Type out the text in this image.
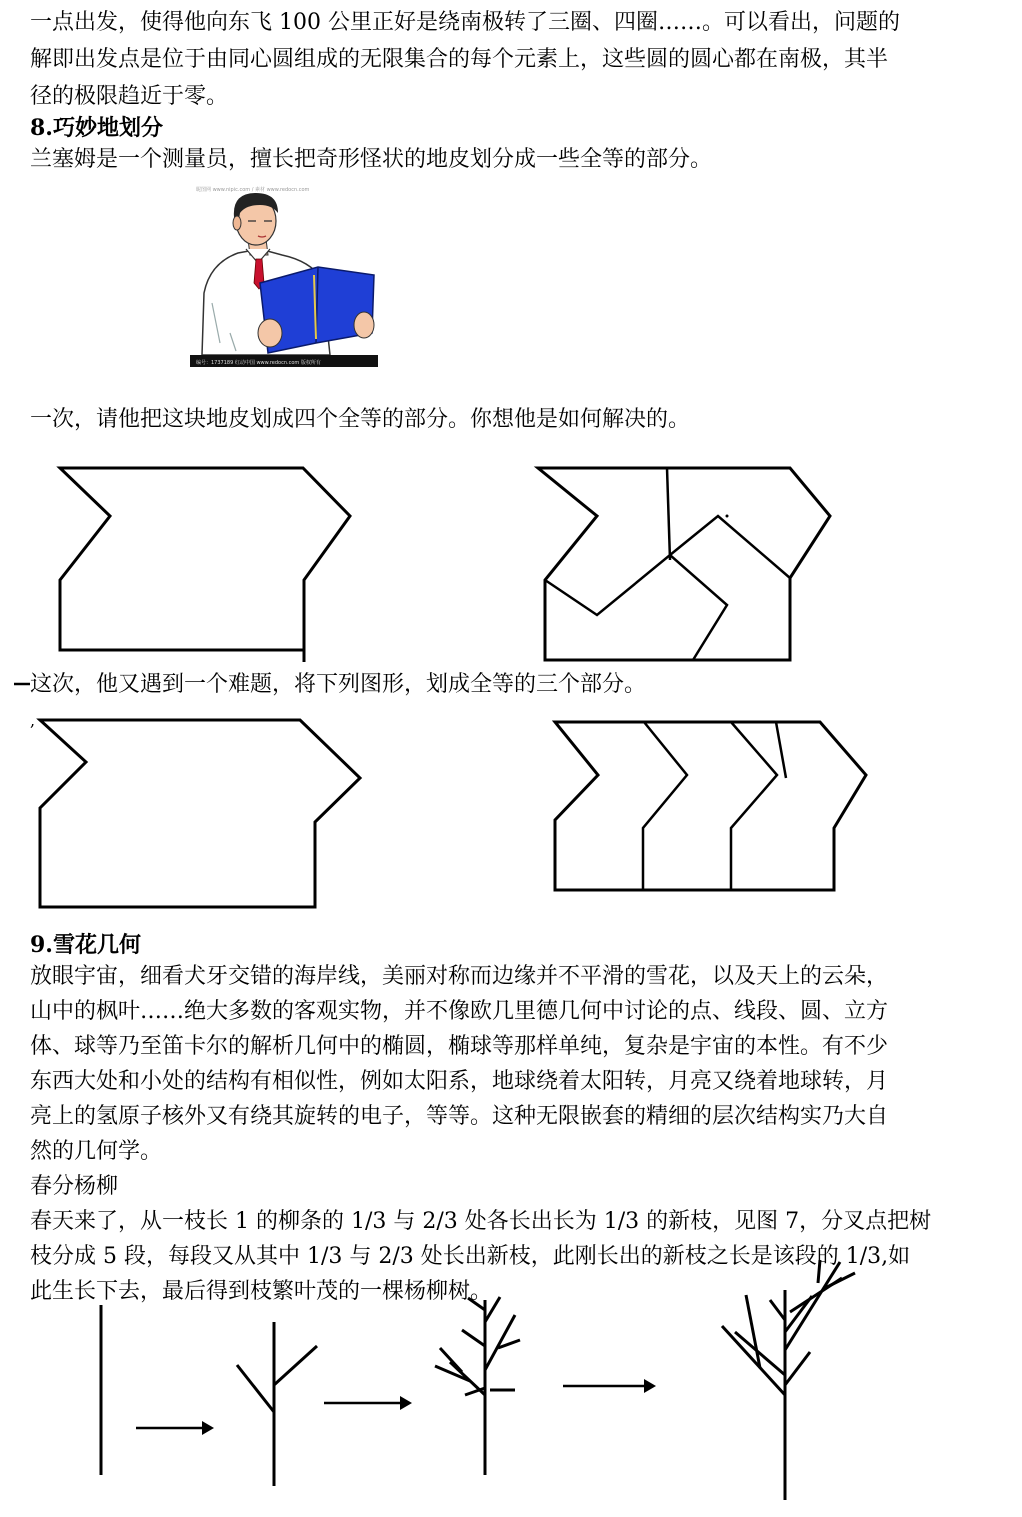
一点出发，使得他向东飞 100 公里正好是绕南极转了三圈、四圈……。可以看出，问题的
解即出发点是位于由同心圆组成的无限集合的每个元素上，这些圆的圆心都在南极，其半
径的极限趋近于零。
8.巧妙地划分
兰塞姆是一个测量员，擅长把奇形怪状的地皮划分成一些全等的部分。
昵图网 www.nipic.com / 素材 www.redocn.com
编号：1737189 红动中国 www.redocn.com 版权所有
一次，请他把这块地皮划成四个全等的部分。你想他是如何解决的。
,
这次，他又遇到一个难题，将下列图形，划成全等的三个部分。
9.雪花几何
放眼宇宙，细看犬牙交错的海岸线，美丽对称而边缘并不平滑的雪花，以及天上的云朵，
山中的枫叶……绝大多数的客观实物，并不像欧几里德几何中讨论的点、线段、圆、立方
体、球等乃至笛卡尔的解析几何中的椭圆，椭球等那样单纯，复杂是宇宙的本性。有不少
东西大处和小处的结构有相似性，例如太阳系，地球绕着太阳转，月亮又绕着地球转，月
亮上的氢原子核外又有绕其旋转的电子，等等。这种无限嵌套的精细的层次结构实乃大自
然的几何学。
春分杨柳
春天来了，从一枝长 1 的柳条的 1/3 与 2/3 处各长出长为 1/3 的新枝，见图 7，分叉点把树
枝分成 5 段，每段又从其中 1/3 与 2/3 处长出新枝，此刚长出的新枝之长是该段的 1/3,如
此生长下去，最后得到枝繁叶茂的一棵杨柳树。
